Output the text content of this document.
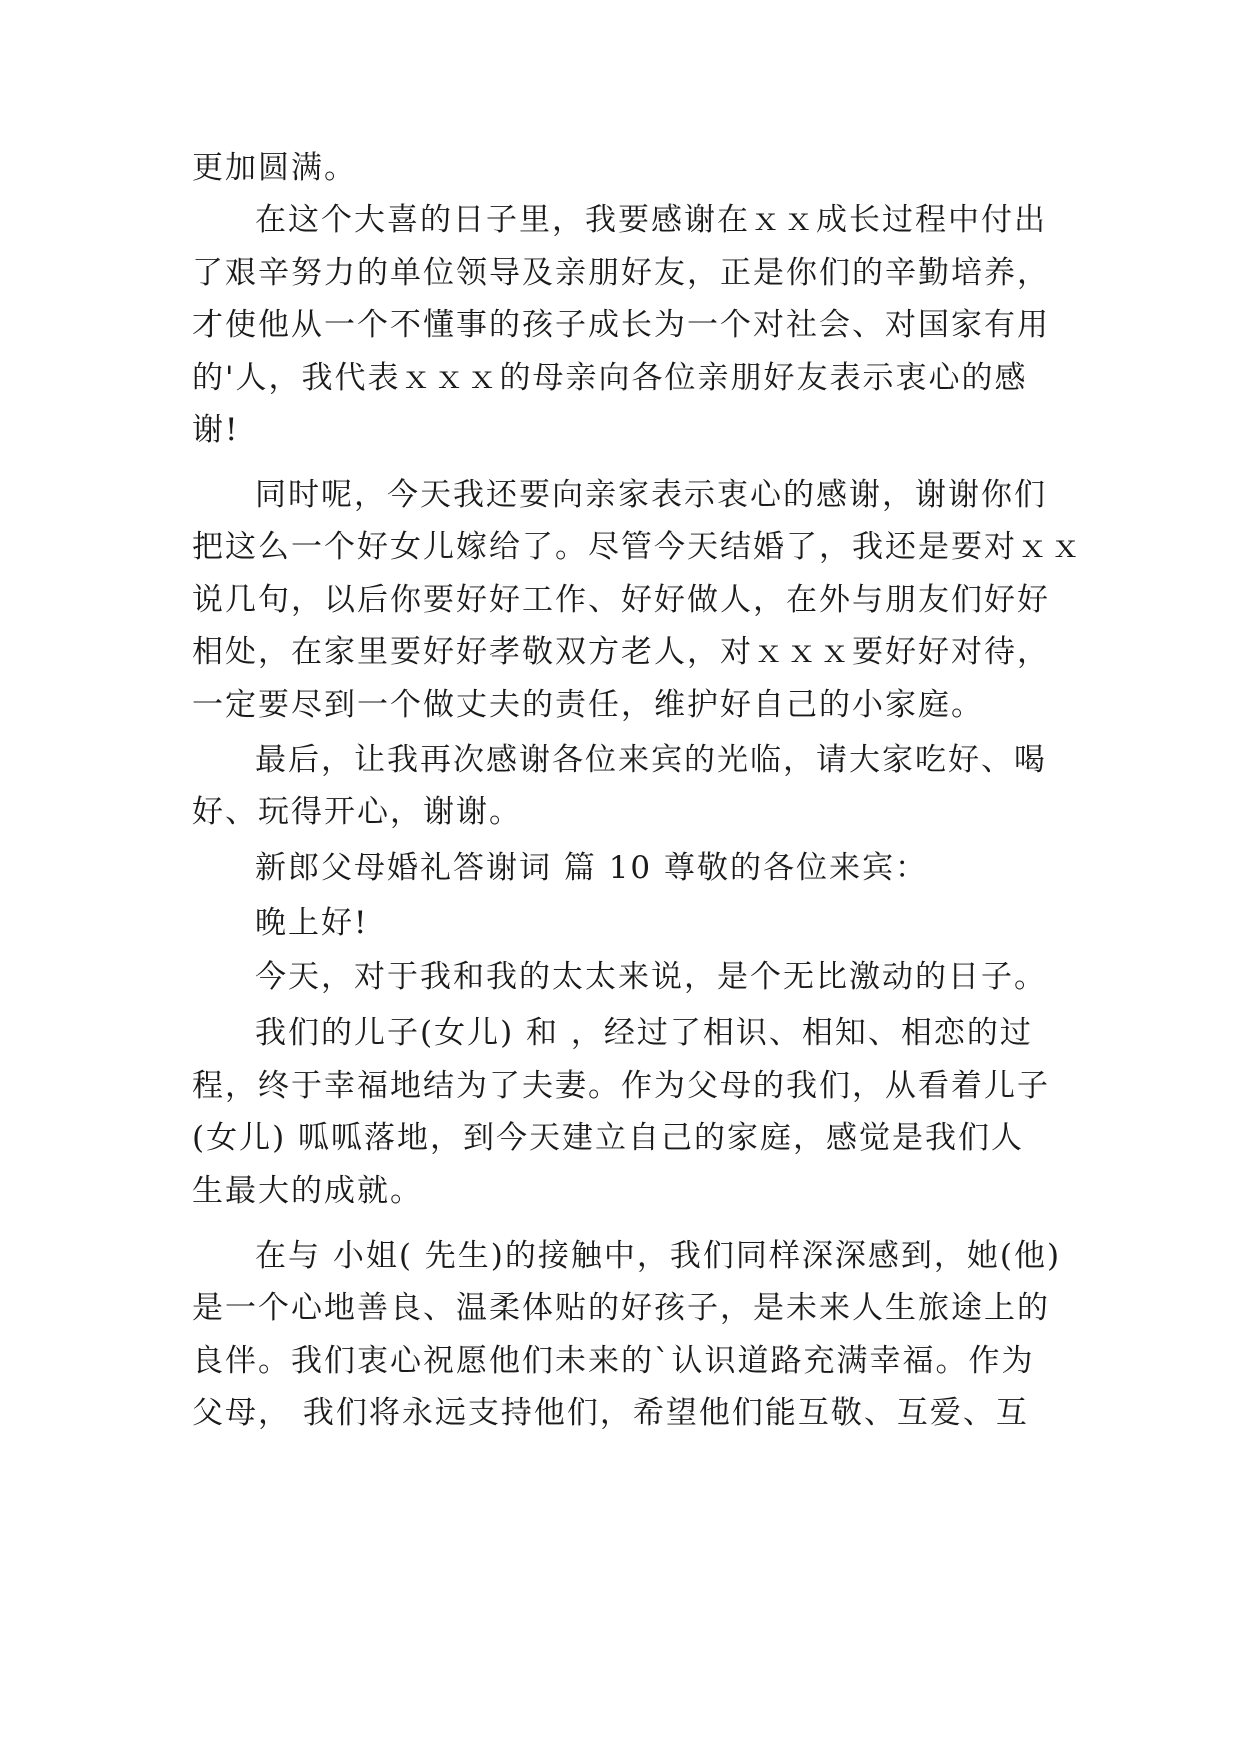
更加圆满。
在这个大喜的日子里，我要感谢在ｘｘ成长过程中付出
了艰辛努力的单位领导及亲朋好友，正是你们的辛勤培养，
才使他从一个不懂事的孩子成长为一个对社会、对国家有用
的'人，我代表ｘｘｘ的母亲向各位亲朋好友表示衷心的感
谢!
同时呢，今天我还要向亲家表示衷心的感谢，谢谢你们
把这么一个好女儿嫁给了。尽管今天结婚了，我还是要对ｘｘ
说几句，以后你要好好工作、好好做人，在外与朋友们好好
相处，在家里要好好孝敬双方老人，对ｘｘｘ要好好对待，
一定要尽到一个做丈夫的责任，维护好自己的小家庭。
最后，让我再次感谢各位来宾的光临，请大家吃好、喝
好、玩得开心，谢谢。
新郎父母婚礼答谢词 篇 10 尊敬的各位来宾：
晚上好!
今天，对于我和我的太太来说，是个无比激动的日子。
我们的儿子(女儿) 和 ，经过了相识、相知、相恋的过
程，终于幸福地结为了夫妻。作为父母的我们，从看着儿子
(女儿) 呱呱落地，到今天建立自己的家庭，感觉是我们人
生最大的成就。
在与 小姐( 先生)的接触中，我们同样深深感到，她(他)
是一个心地善良、温柔体贴的好孩子，是未来人生旅途上的
良伴。我们衷心祝愿他们未来的`认识道路充满幸福。作为
父母， 我们将永远支持他们，希望他们能互敬、互爱、互
